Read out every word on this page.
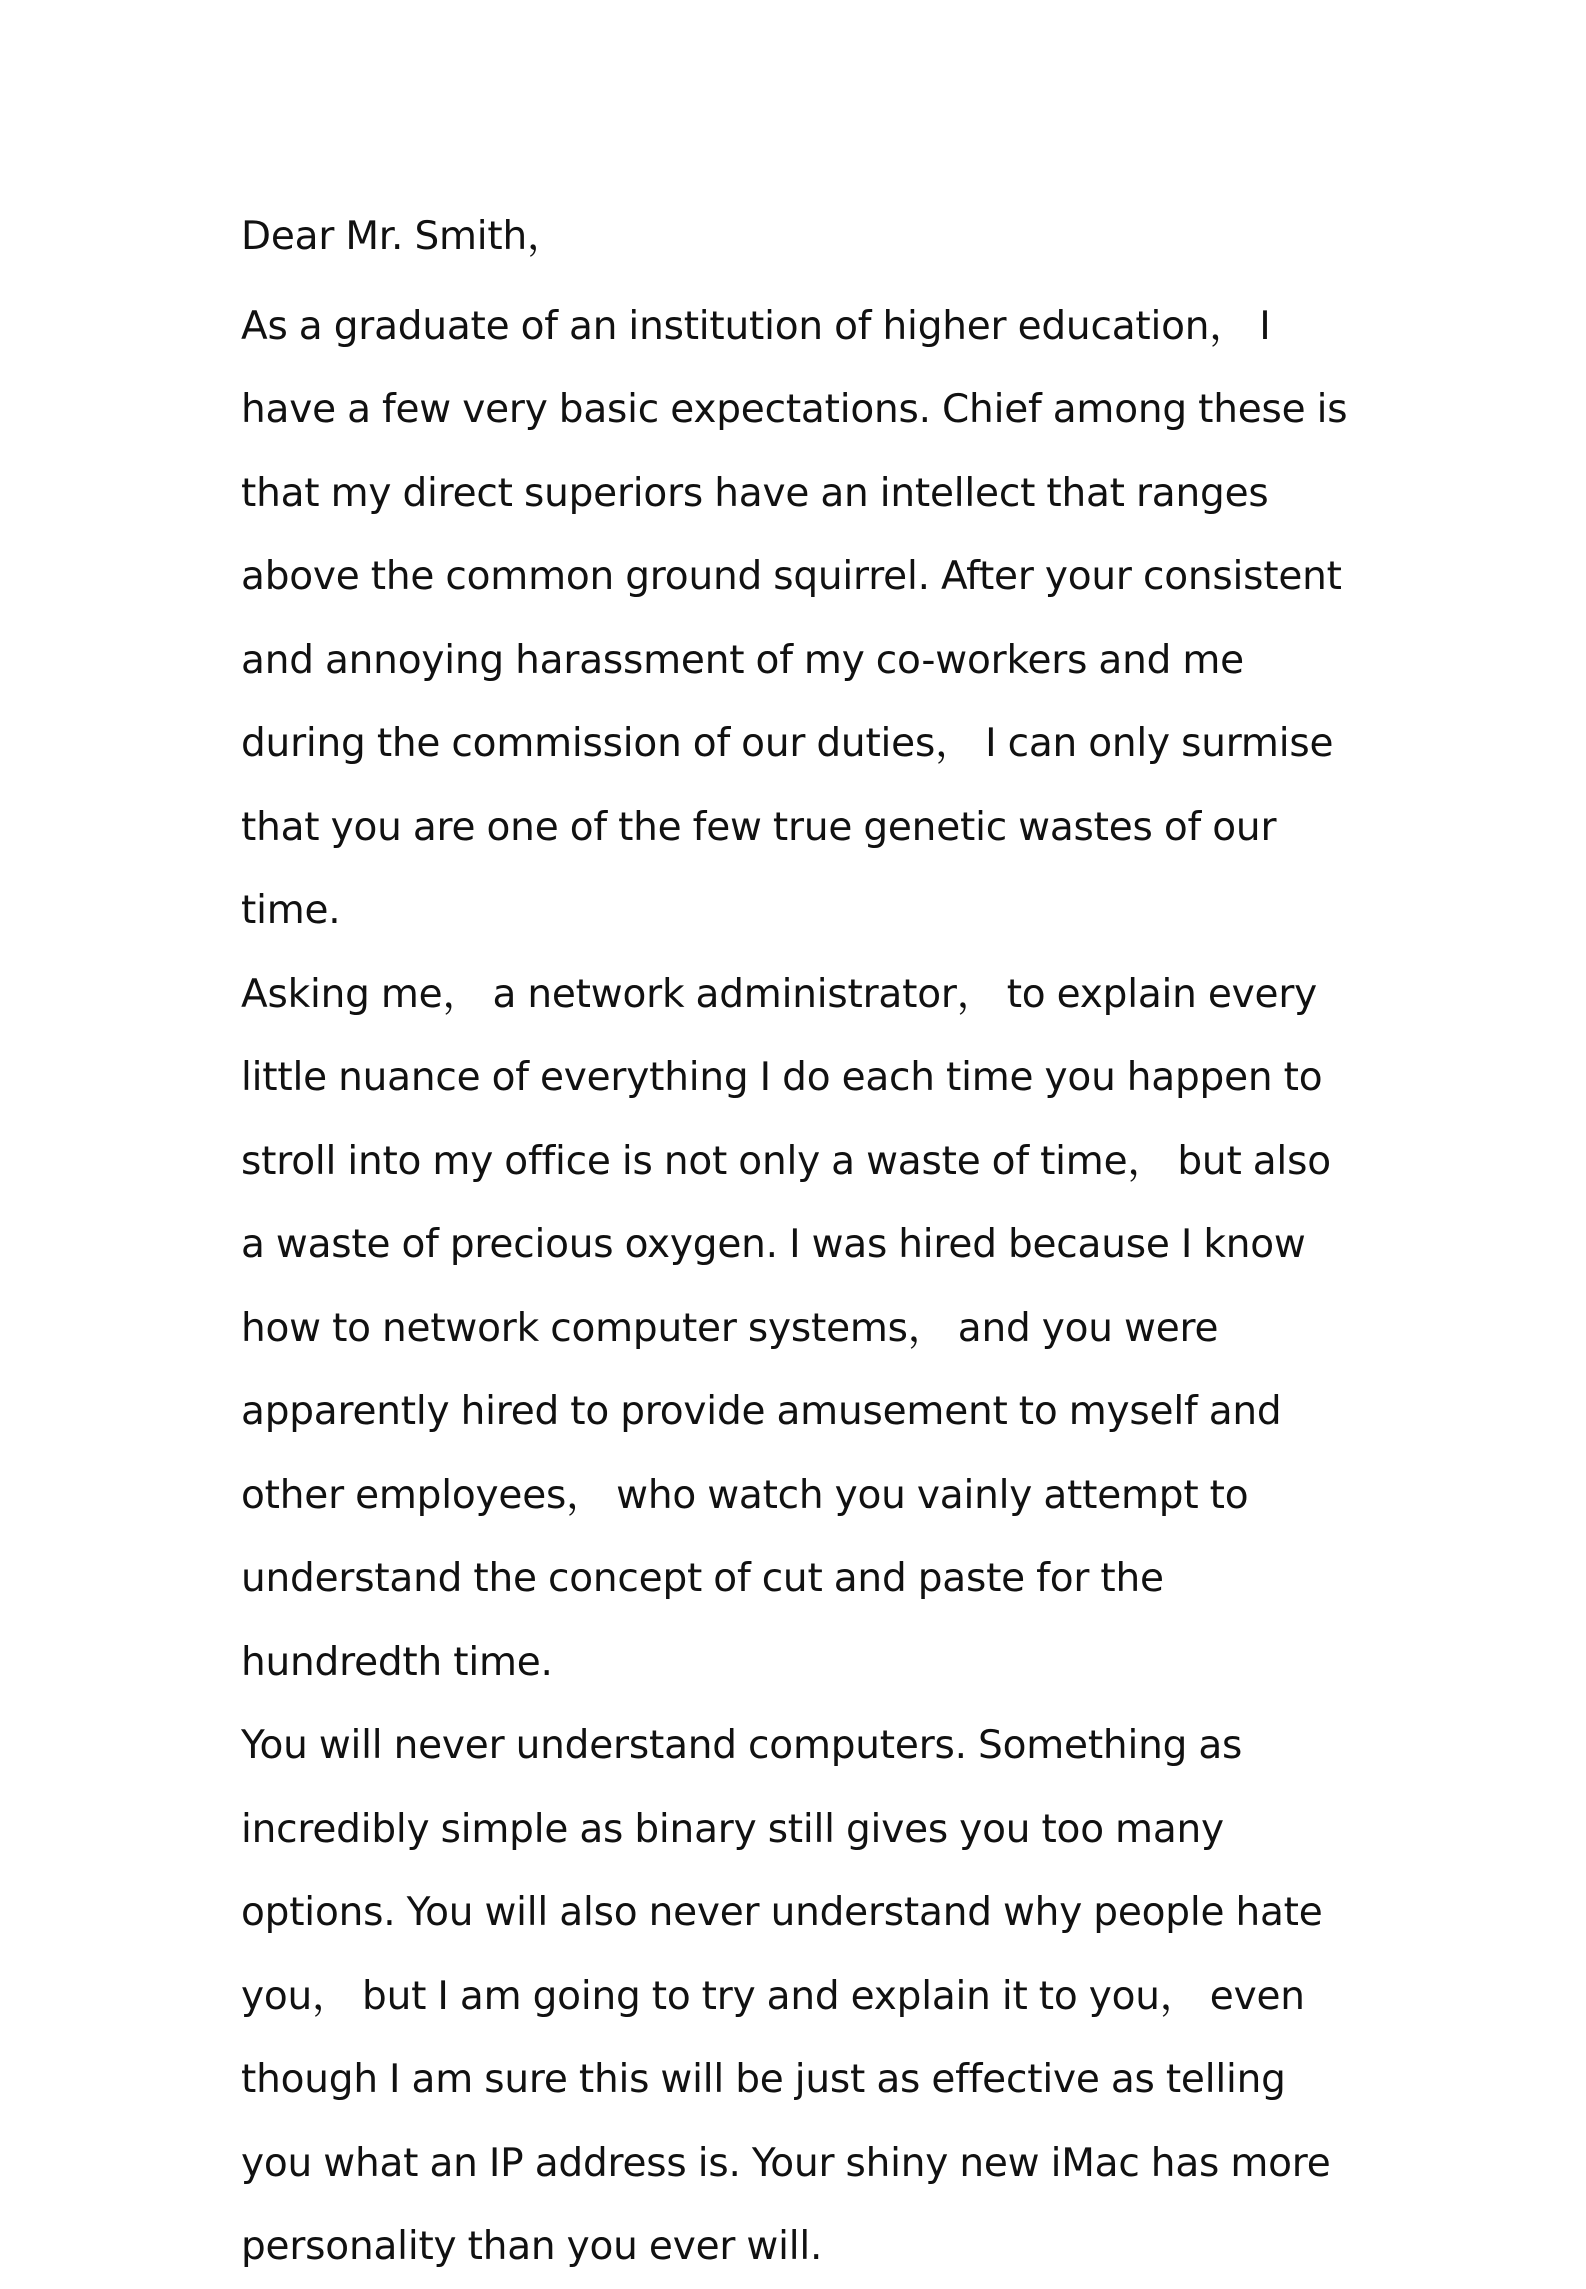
Dear Mr. Smith，

As a graduate of an institution of higher education， I have a few very basic expectations. Chief among these is that my direct superiors have an intellect that ranges above the common ground squirrel. After your consistent and annoying harassment of my co-workers and me during the commission of our duties， I can only surmise that you are one of the few true genetic wastes of our time.

Asking me， a network administrator， to explain every little nuance of everything I do each time you happen to stroll into my office is not only a waste of time， but also a waste of precious oxygen. I was hired because I know how to network computer systems， and you were apparently hired to provide amusement to myself and other employees， who watch you vainly attempt to understand the concept of cut and paste for the hundredth time.

You will never understand computers. Something as incredibly simple as binary still gives you too many options. You will also never understand why people hate you， but I am going to try and explain it to you， even though I am sure this will be just as effective as telling you what an IP address is. Your shiny new iMac has more personality than you ever will.
